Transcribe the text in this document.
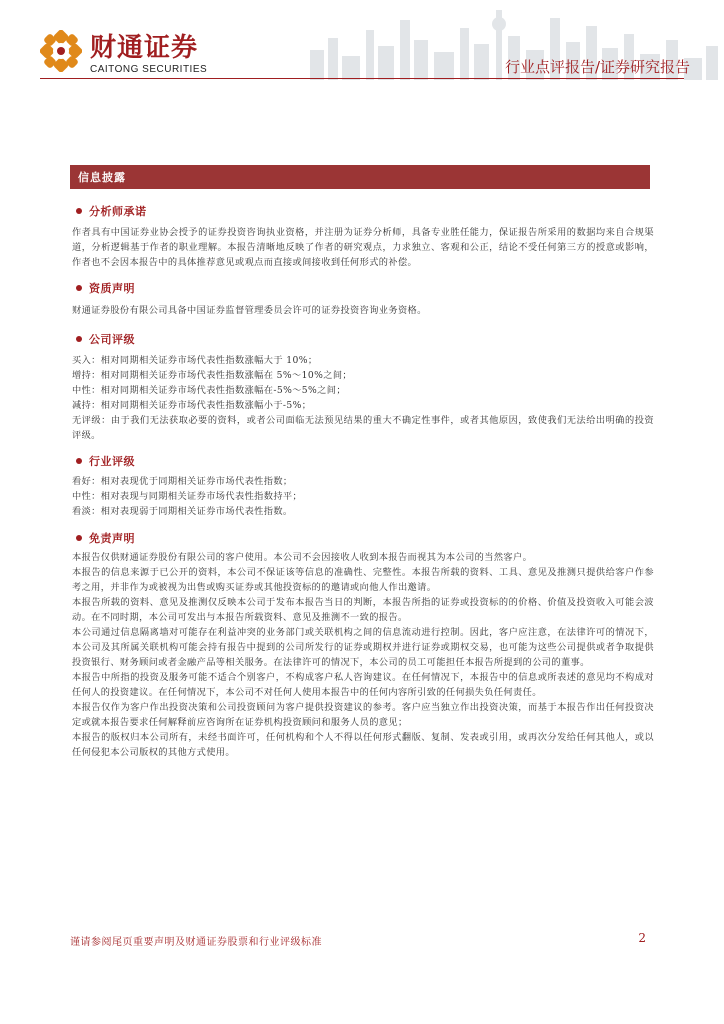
财通证券
CAITONG SECURITIES	行业点评报告/证券研究报告
信息披露
分析师承诺
作者具有中国证券业协会授予的证券投资咨询执业资格，并注册为证券分析师，具备专业胜任能力，保证报告所采用的数据均来自合规渠道，分析逻辑基于作者的职业理解。本报告清晰地反映了作者的研究观点，力求独立、客观和公正，结论不受任何第三方的授意或影响，作者也不会因本报告中的具体推荐意见或观点而直接或间接收到任何形式的补偿。
资质声明
财通证券股份有限公司具备中国证券监督管理委员会许可的证券投资咨询业务资格。
公司评级
买入：相对同期相关证券市场代表性指数涨幅大于 10%；
增持：相对同期相关证券市场代表性指数涨幅在 5%～10%之间；
中性：相对同期相关证券市场代表性指数涨幅在-5%～5%之间；
减持：相对同期相关证券市场代表性指数涨幅小于-5%；
无评级：由于我们无法获取必要的资料，或者公司面临无法预见结果的重大不确定性事件，或者其他原因，致使我们无法给出明确的投资评级。
行业评级
看好：相对表现优于同期相关证券市场代表性指数；
中性：相对表现与同期相关证券市场代表性指数持平；
看淡：相对表现弱于同期相关证券市场代表性指数。
免责声明
本报告仅供财通证券股份有限公司的客户使用。本公司不会因接收人收到本报告而视其为本公司的当然客户。
本报告的信息来源于已公开的资料，本公司不保证该等信息的准确性、完整性。本报告所载的资料、工具、意见及推测只提供给客户作参考之用，并非作为或被视为出售或购买证券或其他投资标的的邀请或向他人作出邀请。
本报告所载的资料、意见及推测仅反映本公司于发布本报告当日的判断，本报告所指的证券或投资标的的价格、价值及投资收入可能会波动。在不同时期，本公司可发出与本报告所载资料、意见及推测不一致的报告。
本公司通过信息隔离墙对可能存在利益冲突的业务部门或关联机构之间的信息流动进行控制。因此，客户应注意，在法律许可的情况下，本公司及其所属关联机构可能会持有报告中提到的公司所发行的证券或期权并进行证券或期权交易，也可能为这些公司提供或者争取提供投资银行、财务顾问或者金融产品等相关服务。在法律许可的情况下，本公司的员工可能担任本报告所提到的公司的董事。
本报告中所指的投资及服务可能不适合个别客户，不构成客户私人咨询建议。在任何情况下，本报告中的信息或所表述的意见均不构成对任何人的投资建议。在任何情况下，本公司不对任何人使用本报告中的任何内容所引致的任何损失负任何责任。
本报告仅作为客户作出投资决策和公司投资顾问为客户提供投资建议的参考。客户应当独立作出投资决策，而基于本报告作出任何投资决定或就本报告要求任何解释前应咨询所在证券机构投资顾问和服务人员的意见；
本报告的版权归本公司所有，未经书面许可，任何机构和个人不得以任何形式翻版、复制、发表或引用，或再次分发给任何其他人，或以任何侵犯本公司版权的其他方式使用。
谨请参阅尾页重要声明及财通证券股票和行业评级标准	2
